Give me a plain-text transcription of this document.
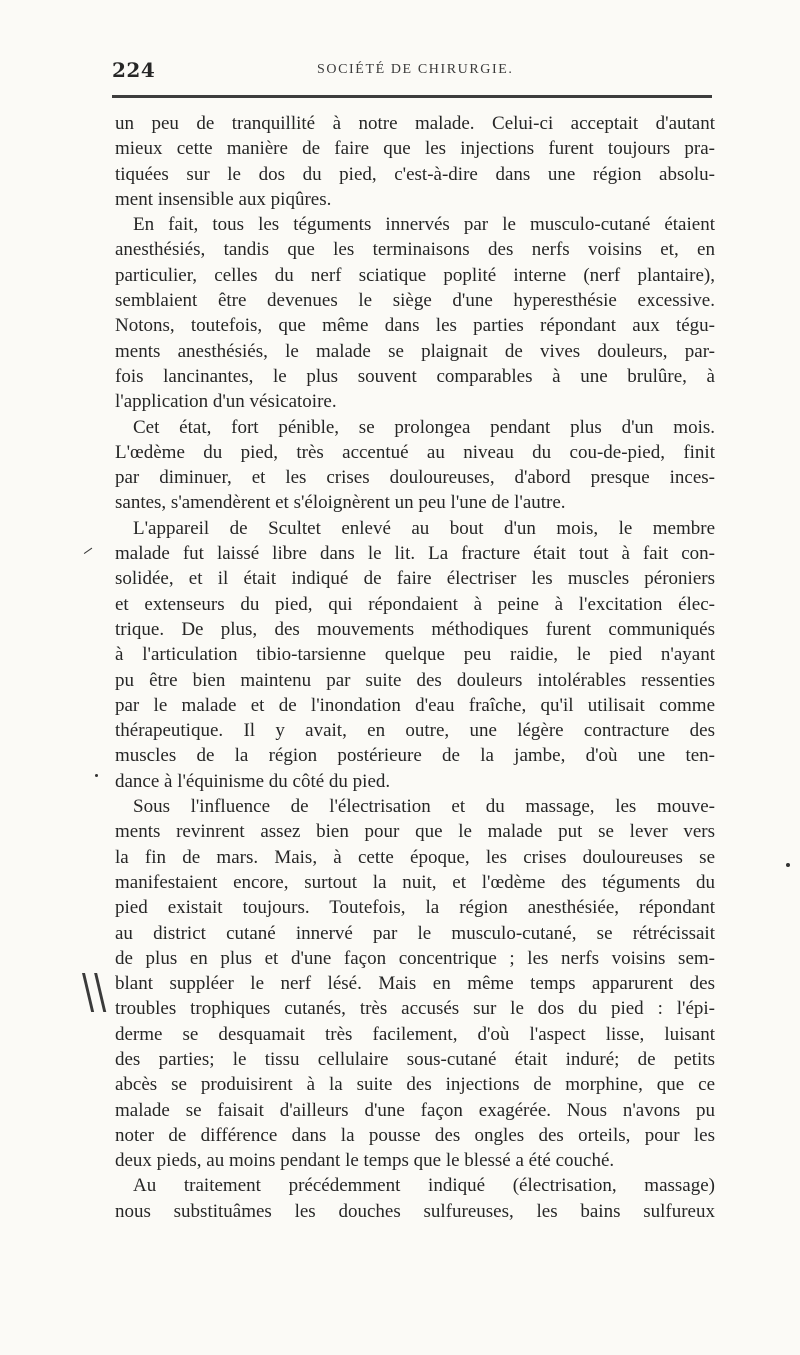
224	SOCIÉTÉ DE CHIRURGIE.
un peu de tranquillité à notre malade. Celui-ci acceptait d'autant
mieux cette manière de faire que les injections furent toujours pra-
tiquées sur le dos du pied, c'est-à-dire dans une région absolu-
ment insensible aux piqûres.
En fait, tous les téguments innervés par le musculo-cutané étaient
anesthésiés, tandis que les terminaisons des nerfs voisins et, en
particulier, celles du nerf sciatique poplité interne (nerf plantaire),
semblaient être devenues le siège d'une hyperesthésie excessive.
Notons, toutefois, que même dans les parties répondant aux tégu-
ments anesthésiés, le malade se plaignait de vives douleurs, par-
fois lancinantes, le plus souvent comparables à une brulûre, à
l'application d'un vésicatoire.
Cet état, fort pénible, se prolongea pendant plus d'un mois.
L'œdème du pied, très accentué au niveau du cou-de-pied, finit
par diminuer, et les crises douloureuses, d'abord presque inces-
santes, s'amendèrent et s'éloignèrent un peu l'une de l'autre.
L'appareil de Scultet enlevé au bout d'un mois, le membre
malade fut laissé libre dans le lit. La fracture était tout à fait con-
solidée, et il était indiqué de faire électriser les muscles péroniers
et extenseurs du pied, qui répondaient à peine à l'excitation élec-
trique. De plus, des mouvements méthodiques furent communiqués
à l'articulation tibio-tarsienne quelque peu raidie, le pied n'ayant
pu être bien maintenu par suite des douleurs intolérables ressenties
par le malade et de l'inondation d'eau fraîche, qu'il utilisait comme
thérapeutique. Il y avait, en outre, une légère contracture des
muscles de la région postérieure de la jambe, d'où une ten-
dance à l'équinisme du côté du pied.
Sous l'influence de l'électrisation et du massage, les mouve-
ments revinrent assez bien pour que le malade put se lever vers
la fin de mars. Mais, à cette époque, les crises douloureuses se
manifestaient encore, surtout la nuit, et l'œdème des téguments du
pied existait toujours. Toutefois, la région anesthésiée, répondant
au district cutané innervé par le musculo-cutané, se rétrécissait
de plus en plus et d'une façon concentrique ; les nerfs voisins sem-
blant suppléer le nerf lésé. Mais en même temps apparurent des
troubles trophiques cutanés, très accusés sur le dos du pied : l'épi-
derme se desquamait très facilement, d'où l'aspect lisse, luisant
des parties; le tissu cellulaire sous-cutané était induré; de petits
abcès se produisirent à la suite des injections de morphine, que ce
malade se faisait d'ailleurs d'une façon exagérée. Nous n'avons pu
noter de différence dans la pousse des ongles des orteils, pour les
deux pieds, au moins pendant le temps que le blessé a été couché.
Au traitement précédemment indiqué (électrisation, massage)
nous substituâmes les douches sulfureuses, les bains sulfureux
⸝
\\
